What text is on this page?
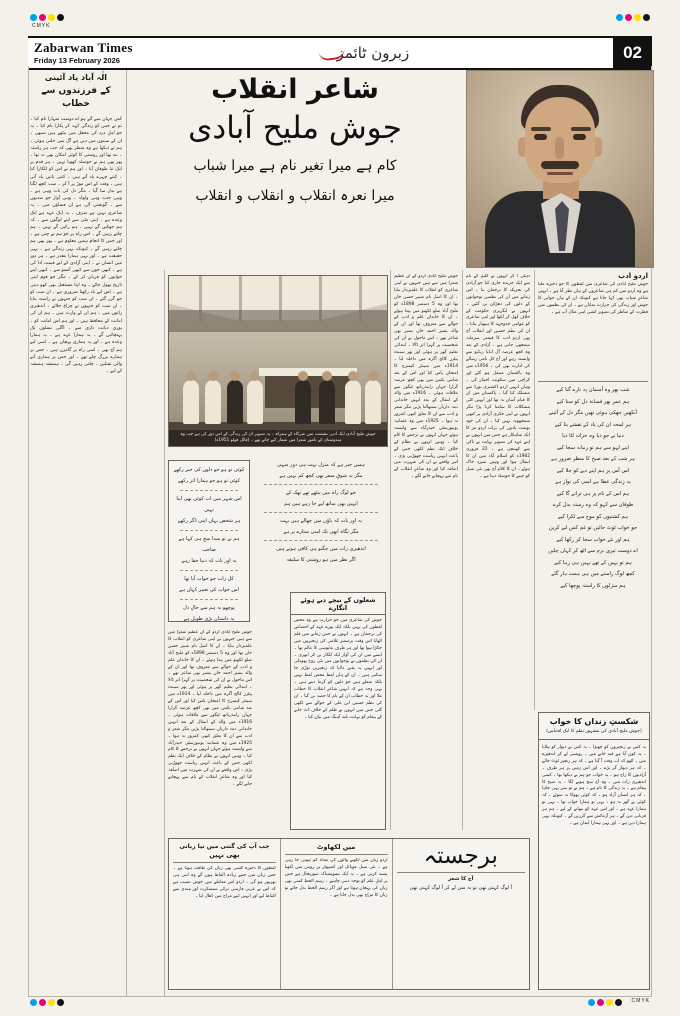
CMYK
Zabarwan Times
Friday 13 February 2026	زبرون ٹائمز	02
الٰہ آباد یاد آئینی
کے فرزندوں سے خطاب
کس جہاں سے آئے ہو اے دوست تمہارا نام کیا ۔ تم نے جس کو زندگی کہہ کر پکارا نام کیا ۔ یہ جو اہلِ درد کی محفل میں بیٹھے ہیں سبھی ۔ ان کے سینوں میں دبی ہے آگ سی جلتی ہوئی ۔ ہم نے دیکھا ہے وہ منظر بھی کہ جب ہر راستہ ۔ بند تھا اور روشنی کا کوئی امکاں بھی نہ تھا ۔ پھر بھی ہم نے حوصلہ کھویا نہیں ۔ ہر قدم پر ایک نیا طوفان آیا ۔ اور ہم نے اس کو للکارا کیا ۔ کتنے چہرے یاد آتے ہیں ۔ کتنی باتیں یاد آتی ہیں ۔ وقت کے اس موڑ پر آ کر ۔ سب کچھ لگتا ہے بدل سا گیا ۔ مگر دل کی بات وہی ہے ۔ وہی جذبہ وہی ولولہ ۔ وہی آواز جو صدیوں سے ۔ گونجتی آئی ہے ان فضاؤں میں ۔ یہ شاعری نہیں ہے صرف ۔ یہ ایک عہد ہے ایک وعدہ ہے ۔ اپنی مٹی سے اپنے لوگوں سے ۔ کہ ہم جھکیں گے نہیں ۔ ہم رکیں گے نہیں ۔ ہم چلتے رہیں گے ۔ اس راہ پر جو ہم نے چنی ہے ۔ اور جس کا انجام ہمیں معلوم ہے ۔ پھر بھی ہم چلتے رہیں گے ۔ کیونکہ یہی زندگی ہے ۔ یہی حقیقت ہے ۔ اور یہی ہمارا مقدر ہے ۔ ہر دور میں انسان نے ۔ اپنی آزادی کے لیے قیمت ادا کی ہے ۔ کبھی خون سے کبھی آنسو سے ۔ کبھی اپنے خوابوں کو قربان کر کے ۔ مگر جو قوم اپنی تاریخ بھول جائے ۔ وہ اپنا مستقبل بھی کھو دیتی ہے ۔ اس لیے یاد رکھنا ضروری ہے ۔ ان سب کو جو گزر گئے ۔ ان سب کو جنہوں نے راستہ بنایا ۔ ان سب کو جنہوں نے چراغ جلائے ۔ اندھیری راتوں میں ۔ ہم ان کے وارث ہیں ۔ ہم ان کی امانت کے محافظ ہیں ۔ اور ہم اس امانت کو ۔ پوری دیانت داری سے ۔ اگلی نسلوں تک پہنچائیں گے ۔ یہ ہمارا عہد ہے ۔ یہ ہمارا وعدہ ہے ۔ اور یہ ہماری پہچان ہے ۔ اسی لیے ہم آج بھی ۔ اسی راہ پر گامزن ہیں ۔ جس پر ہمارے بزرگ چلے تھے ۔ اور جس پر ہماری آنے والی نسلیں ۔ چلتی رہیں گی ۔ ہمیشہ ہمیشہ کے لیے ۔
شاعر انقلاب
جوش ملیح آبادی
کام ہے میرا تغیر نام ہے میرا شباب
میرا نعرہ انقلاب و انقلاب و انقلاب
جوش ملیح آبادی ایک ادبی نشست میں شرکاء کے ہمراہ ۔ یہ تصویر ان کی زندگی کے اس دور کی ہے جب وہ ہندوستان کے نامور شعرا میں شمار کیے جاتے تھے ۔ (فائل فوٹو 1951ء)
جوش ملیح آبادی اردو کے ان عظیم شعرا میں سے ہیں جنہوں نے اپنی شاعری کو انقلاب کا علمبردار بنایا ۔ ان کا اصل نام شبیر حسن خاں تھا اور وہ 5 دسمبر 1898ء کو ملیح آباد ضلع لکھنؤ میں پیدا ہوئے ۔ ان کا خاندان علم و ادب کے حوالے سے معروف تھا اور ان کے والد بشیر احمد خاں بشیر بھی شاعر تھے ۔ اس ماحول نے ان کی شخصیت پر گہرا اثر ڈالا ۔ ابتدائی تعلیم گھر پر ہوئی اور پھر سینٹ پیٹرز کالج آگرہ میں داخلہ لیا ۔ 1914ء میں سینئر کیمبرج کا امتحان پاس کیا اور اس کے بعد شانتی نکیتن میں بھی کچھ عرصہ گزارا جہاں رابندرناتھ ٹیگور سے ملاقات ہوئی ۔ 1916ء میں والد کے انتقال کے بعد انہیں خاندانی ذمہ داریاں سنبھالنا پڑیں مگر شعر و ادب سے ان کا تعلق کبھی کمزور نہ ہوا ۔ 1925ء میں وہ عثمانیہ یونیورسٹی حیدرآباد سے وابستہ ہوئے جہاں انہوں نے ترجمے کا کام کیا ۔ وہیں انہوں نے نظام کے خلاف ایک نظم لکھی جس کے باعث انہیں ریاست چھوڑنی پڑی ۔ اس واقعے نے ان کی شہرت میں اضافہ کیا اور وہ شاعرِ انقلاب کے نام سے پہچانے جانے لگے ۔
دہلی آ کر انہوں نے کلیم کے نام سے ایک جریدہ جاری کیا جو آزادی کی تحریک کا ترجمان بنا ۔ اس زمانے میں ان کی نظمیں نوجوانوں کے دلوں کی دھڑکن بن گئیں ۔ انہوں نے انگریزی حکومت کے خلاف کھل کر لکھا اور اپنی شاعری کو عوامی جدوجہد کا ہتھیار بنایا ۔ ان کی نظم حسین اور انقلاب آج بھی اردو ادب کا قیمتی سرمایہ سمجھی جاتی ہے ۔ آزادی کے بعد وہ کچھ عرصہ آل انڈیا ریڈیو سے وابستہ رہے اور آج کل نامی رسالے کی ادارت بھی کی ۔ 1956ء میں وہ پاکستان منتقل ہو گئے اور کراچی میں سکونت اختیار کی ۔ وہاں انہیں اردو ڈکشنری بورڈ سے منسلک کیا گیا ۔ پاکستان میں ان کا قیام آسان نہ تھا اور انہیں کئی مشکلات کا سامنا کرنا پڑا مگر انہوں نے اپنی فکری آزادی پر کبھی سمجھوتہ نہیں کیا ۔ ان کی خود نوشت یادوں کی برات اردو نثر کا ایک شاہکار ہے جس میں انہوں نے اپنے عہد کی تصویر نہایت بے باکی سے کھینچی ہے ۔ 22 فروری 1982ء کو اسلام آباد میں ان کا انتقال ہوا اور وہیں سپردِ خاک ہوئے ۔ ان کا کلام آج بھی نئی نسل کو جینے کا حوصلہ دیتا ہے ۔
اردو ادب
جوش ملیح آبادی کی شاعری میں لفظوں کا جو ذخیرہ ملتا ہے وہ اردو میں کم ہی شاعروں کے ہاں نظر آتا ہے ۔ انہیں شاعرِ شباب بھی کہا جاتا ہے کیونکہ ان کے ہاں جوانی کا جوش اور زندگی کی حرارت نمایاں ہے ۔ ان کی نظموں میں فطرت کے مناظر کی تصویر کشی اپنی مثال آپ ہے ۔
شب بھر وہ آسمان پہ تارے گنا کیے
ہم عمر بھر فسانۂ دل کو سنا کیے
آنکھیں جھکی ہوئی تھیں مگر دل کے آئینے
ہر لمحہ ان کی یاد کے نقشے بنا کیے
دنیا نے جو دیا وہ خزانہ لٹا دیا
اپنے لہو سے ہم تو زمانہ سجا کیے
ہر شب کے بعد صبح کا منظر ضرور ہے
اس آس پر ہم اپنے دیے کو جلا کیے
یہ زندگی عطا ہے اسی کی نواز ہے
ہم اس کے نام پر ہی ترانے گا کیے
طوفان سے کہو کہ وہ رستہ بدل کرے
ہم کشتیوں کو موج سے ٹکرا کیے
جو خواب ٹوٹ جائیں تو غم کس لیے کریں
ہم اور نئے خواب سجا کر رکھا کیے
اے دوست تیری بزم سے اٹھ کر کہاں چلیں
ہم تو یہیں کے تھے یہیں ہی رہا کیے
کچھ لوگ راستے میں ہی ہمت ہار گئے
ہم منزلوں کا راستہ پوچھا کیے
کوئی تو ہو جو دلوں کی خبر رکھے
کوئی تو ہو جو ہمارا اثر رکھے
اس شہر میں اب کوئی بھی اپنا نہیں
ہر شخص یہاں اپنی ڈگر رکھے
ہم نے تو سدا سچ ہی کہا ہے صاحب
یہ اور بات کہ دنیا خفا رہے
کل رات جو خواب آیا تھا
اس خواب کی تعبیر کہاں ہے
پوچھو نہ ہم سے حالِ دل
یہ داستان بڑی طویل ہے
ہمیں خبر ہے کہ منزل بہت ہی دور سہی
مگر یہ شوقِ سفر بھی کچھ کم نہیں ہے
جو لوگ راہ میں بیٹھے تھے تھک کے
انہیں بھی ساتھ لیے جا رہے ہیں ہم
یہ اور بات کہ پاؤں میں چھالے ہیں بہت
مگر نگاہ ابھی تک اسی ستارے پر ہے
اندھیری رات میں جگنو ہی کافی ہوتے ہیں
اگر نظر میں ہو روشنی کا سلیقہ
جوش ملیح آبادی اردو کے ان عظیم شعرا میں سے ہیں جنہوں نے اپنی شاعری کو انقلاب کا علمبردار بنایا ۔ ان کا اصل نام شبیر حسن خاں تھا اور وہ 5 دسمبر 1898ء کو ملیح آباد ضلع لکھنؤ میں پیدا ہوئے ۔ ان کا خاندان علم و ادب کے حوالے سے معروف تھا اور ان کے والد بشیر احمد خاں بشیر بھی شاعر تھے ۔ اس ماحول نے ان کی شخصیت پر گہرا اثر ڈالا ۔ ابتدائی تعلیم گھر پر ہوئی اور پھر سینٹ پیٹرز کالج آگرہ میں داخلہ لیا ۔ 1914ء میں سینئر کیمبرج کا امتحان پاس کیا اور اس کے بعد شانتی نکیتن میں بھی کچھ عرصہ گزارا جہاں رابندرناتھ ٹیگور سے ملاقات ہوئی ۔ 1916ء میں والد کے انتقال کے بعد انہیں خاندانی ذمہ داریاں سنبھالنا پڑیں مگر شعر و ادب سے ان کا تعلق کبھی کمزور نہ ہوا ۔ 1925ء میں وہ عثمانیہ یونیورسٹی حیدرآباد سے وابستہ ہوئے جہاں انہوں نے ترجمے کا کام کیا ۔ وہیں انہوں نے نظام کے خلاف ایک نظم لکھی جس کے باعث انہیں ریاست چھوڑنی پڑی ۔ اس واقعے نے ان کی شہرت میں اضافہ کیا اور وہ شاعرِ انقلاب کے نام سے پہچانے جانے لگے ۔
شعلوں کے نیچے دبے ہوئے انگارے
جوش کی شاعری میں جو حرارت ہے وہ محض لفظوں کی نہیں بلکہ ایک پورے عہد کے احساس کی ترجمان ہے ۔ انہوں نے جس زمانے میں قلم اٹھایا اس وقت برصغیر غلامی کی زنجیروں میں جکڑا ہوا تھا اور ہر طرف مایوسی کا عالم تھا ۔ ایسے میں ان کی آواز ایک للکار بن کر ابھری ۔ ان کی نظموں نے نوجوانوں میں نئی روح پھونکی اور انہیں یہ یقین دلایا کہ زنجیریں توڑی جا سکتی ہیں ۔ ان کے ہاں لفظ محض لفظ نہیں بلکہ شعلے ہیں جو دلوں کو گرما دیتے ہیں ۔ یہی وجہ ہے کہ انہیں شاعرِ انقلاب کا خطاب ملا اور یہ خطاب ان کے نام کا حصہ بن گیا ۔ ان کی نظم حسین ابن علی کے حوالے سے لکھی گئی جس میں انہوں نے ظلم کے خلاف ڈٹ جانے کے پیغام کو نہایت بلند آہنگ میں بیان کیا ۔	شکستِ زنداں کا خواب
(جوش ملیح آبادی کی مشہور نظم کا ایک اقتباس)
یہ کس نے زنجیروں کو چھیڑا ۔ یہ کس نے دیوار کو ہلایا ۔ یہ کون آیا ہے قید خانے میں ۔ روشنی لے کر اندھیرے میں ۔ اٹھو کہ اب وقت آ گیا ہے ۔ کہ ہر زنجیر ٹوٹ جائے ۔ کہ ہر دیوار گر پڑے ۔ اور اس زمیں پر ہر طرف ۔ آزادیوں کا راج ہو ۔ یہ خواب جو ہم نے دیکھا تھا ۔ کسی اندھیری رات میں ۔ وہ آج سچ ہونے لگا ۔ یہ صبح کا پیغام ہے ۔ یہ زندگی کا نام ہے ۔ ہم نے تو بس یہی چاہا ۔ کہ ہر انسان آزاد ہو ۔ کہ کوئی بھوکا نہ سوئے ۔ کہ کوئی بے گھر نہ ہو ۔ یہی تو ہمارا خواب تھا ۔ یہی تو ہمارا عہد ہے ۔ اور اس عہد کو نبھانے کے لیے ۔ ہم ہر قربانی دیں گے ۔ ہر آزمائش سے گزریں گے ۔ کیونکہ یہی ہمارا دین ہے ۔ اور یہی ہمارا ایمان ہے ۔
جب آپ کی گنتی میں نیا زبانی
بھی نہیں
لفظوں کا ذخیرہ کسی بھی زبان کی طاقت ہوتا ہے ۔ جس زبان میں جتنے زیادہ الفاظ ہوں گے وہ اتنی ہی بھرپور ہو گی ۔ اردو اس معاملے میں خوش نصیب ہے کہ اس نے عربی فارسی ترکی سنسکرت اور ہندی سے الفاظ لیے اور انہیں اپنے مزاج میں ڈھال لیا ۔
میں لکھاوٹ
اردو زبان میں لکھنے والوں کی تعداد کم ہوتی جا رہی ہے ۔ نئی نسل موبائل اور کمپیوٹر پر رومن میں لکھنا پسند کرتی ہے ۔ یہ ایک تشویشناک صورتحال ہے جس پر اہلِ علم کو توجہ دینی چاہیے ۔ رسم الخط کسی بھی زبان کی پہچان ہوتا ہے اور اگر رسم الخط بدل جائے تو زبان کا مزاج بھی بدل جاتا ہے ۔
برجستہ
آج کا شعر
آ لوگ کہتی تھی تو نہ سن لے کر آ لوگ کہتی تھی
CMYK
